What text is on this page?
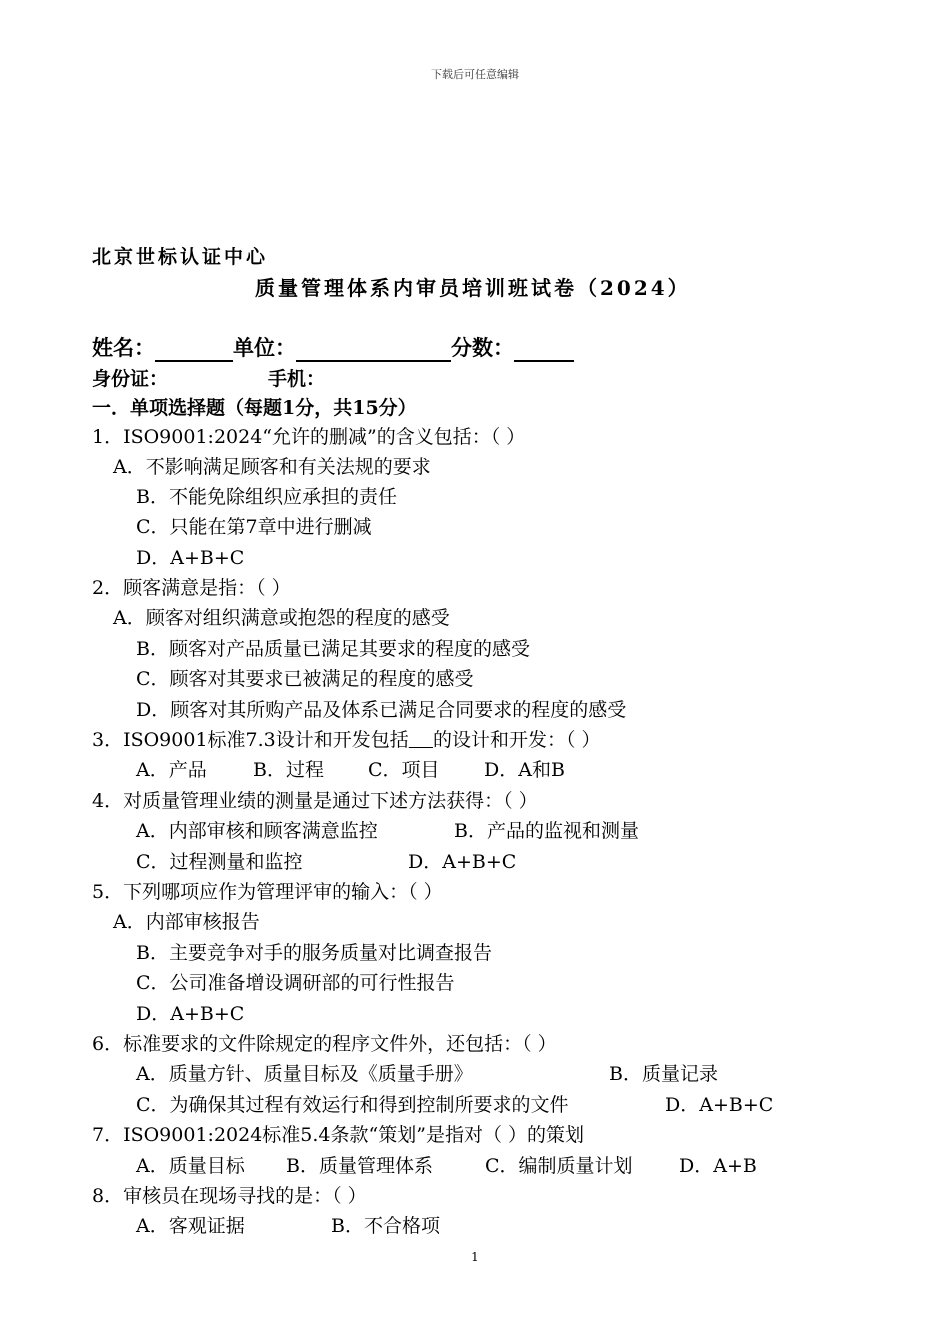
下载后可任意编辑
北京世标认证中心
质量管理体系内审员培训班试卷（2024）
姓名：	单位：	分数：
身份证：	手机：
一．单项选择题（每题1分，共15分）
1．ISO9001:2024“允许的删减”的含义包括：（ ）
A．不影响满足顾客和有关法规的要求
B．不能免除组织应承担的责任
C．只能在第7章中进行删减
D．A+B+C
2．顾客满意是指：（ ）
A．顾客对组织满意或抱怨的程度的感受
B．顾客对产品质量已满足其要求的程度的感受
C．顾客对其要求已被满足的程度的感受
D．顾客对其所购产品及体系已满足合同要求的程度的感受
3．ISO9001标准7.3设计和开发包括 的设计和开发：（ ）
A．产品 B．过程 C．项目 D．A和B
4．对质量管理业绩的测量是通过下述方法获得：（ ）
A．内部审核和顾客满意监控	B．产品的监视和测量
C．过程测量和监控	D．A+B+C
5．下列哪项应作为管理评审的输入：（ ）
A．内部审核报告
B．主要竞争对手的服务质量对比调查报告
C．公司准备增设调研部的可行性报告
D．A+B+C
6．标准要求的文件除规定的程序文件外，还包括：（ ）
A．质量方针、质量目标及《质量手册》	B．质量记录
C．为确保其过程有效运行和得到控制所要求的文件	D．A+B+C
7．ISO9001:2024标准5.4条款“策划”是指对（ ）的策划
A．质量目标 B．质量管理体系	C．编制质量计划 D．A+B
8．审核员在现场寻找的是：（ ）
A．客观证据	B．不合格项
1
